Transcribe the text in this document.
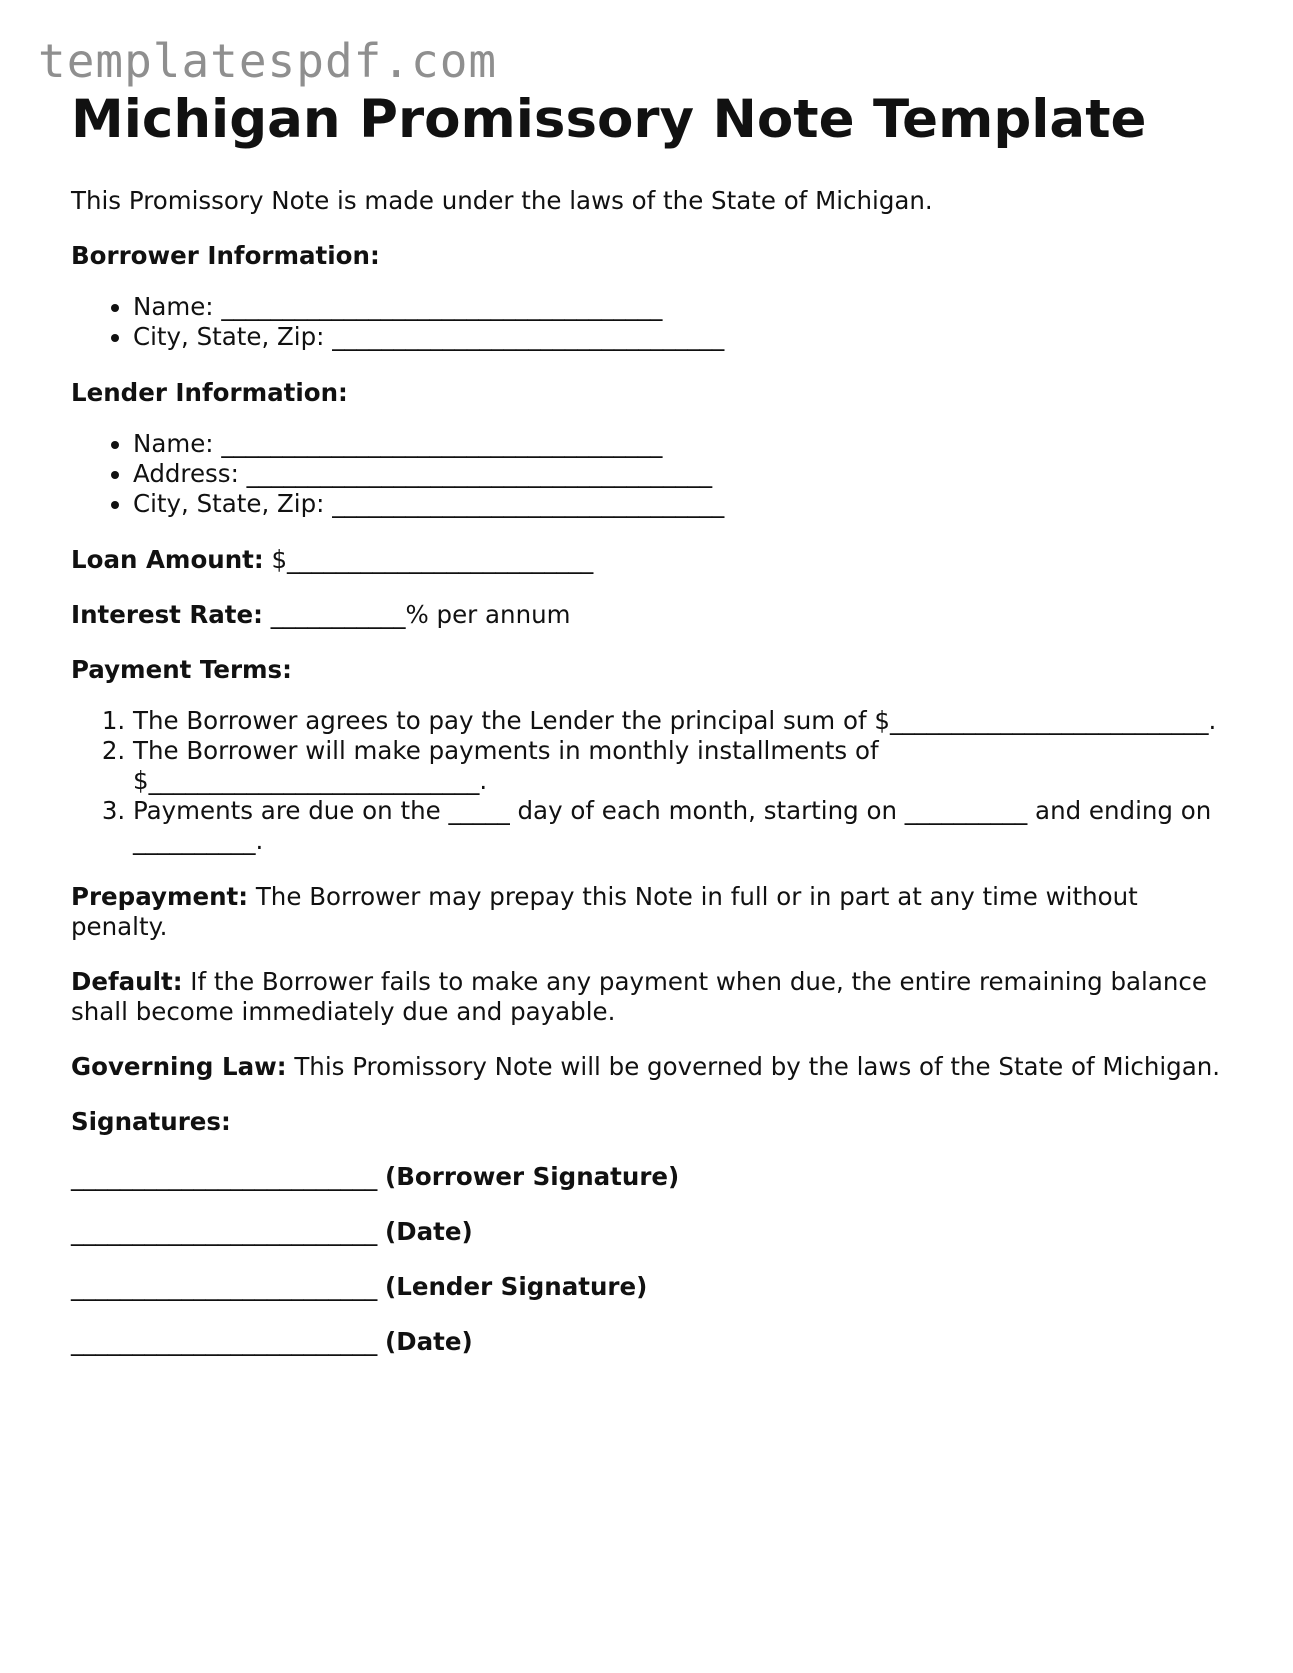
templatespdf.com
Michigan Promissory Note Template

This Promissory Note is made under the laws of the State of Michigan.

Borrower Information:

• Name: ____________________________________
• City, State, Zip: ________________________________

Lender Information:

• Name: ____________________________________
• Address: ______________________________________
• City, State, Zip: ________________________________

Loan Amount: $_________________________

Interest Rate: ___________% per annum

Payment Terms:

1. The Borrower agrees to pay the Lender the principal sum of $__________________________.
2. The Borrower will make payments in monthly installments of $___________________________.
3. Payments are due on the _____ day of each month, starting on __________ and ending on __________.

Prepayment: The Borrower may prepay this Note in full or in part at any time without penalty.

Default: If the Borrower fails to make any payment when due, the entire remaining balance shall become immediately due and payable.

Governing Law: This Promissory Note will be governed by the laws of the State of Michigan.

Signatures:

_________________________ (Borrower Signature)
_________________________ (Date)
_________________________ (Lender Signature)
_________________________ (Date)
